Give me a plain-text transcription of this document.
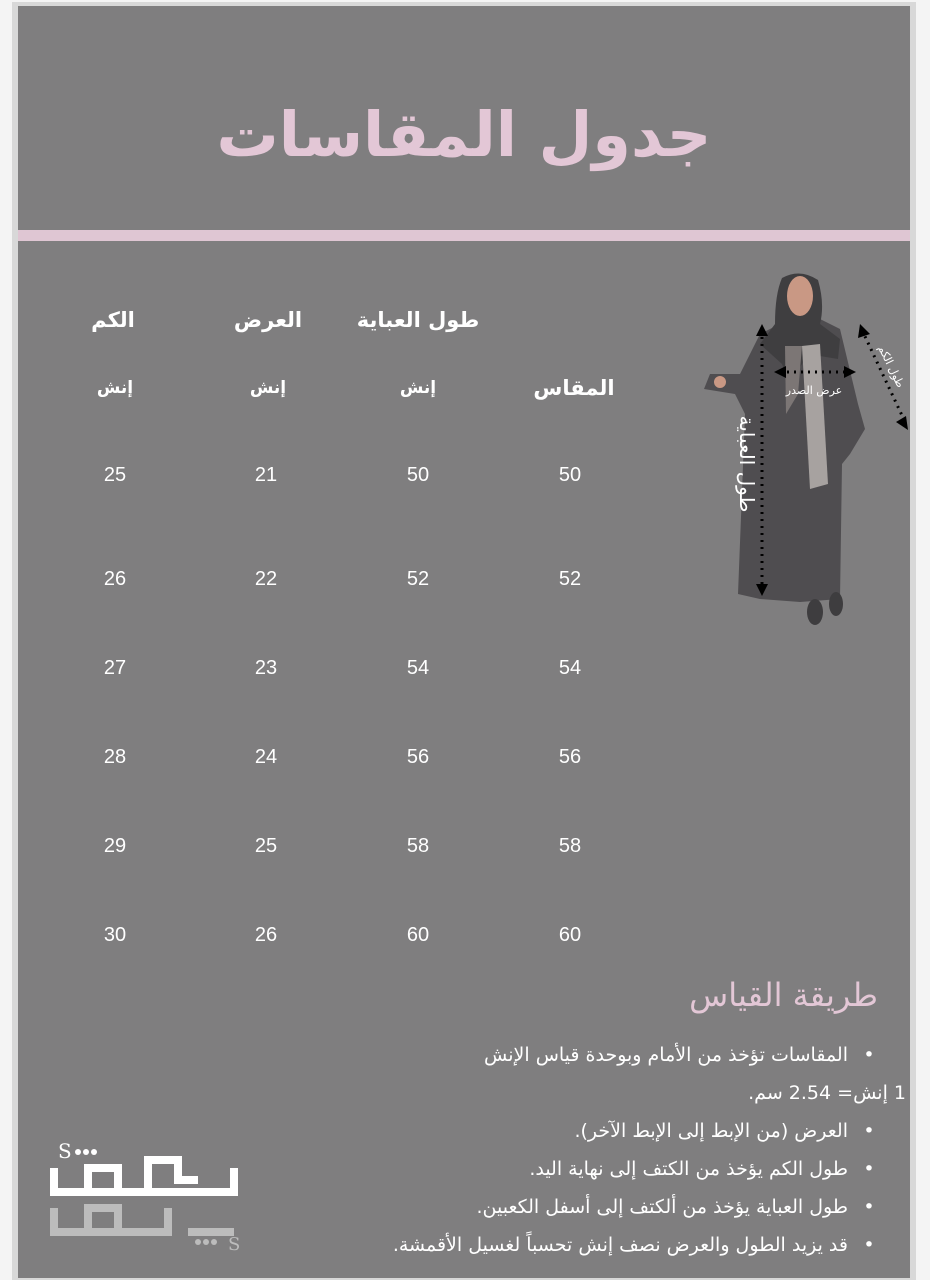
جدول المقاسات
المقاس
طول العباية
العرض
الكم
إنش
إنش
إنش
50
50
21
25
52
52
22
26
54
54
23
27
56
56
24
28
58
58
25
29
60
60
26
30
طول العباية
عرض الصدر
طول الكم
طريقة القياس
•المقاسات تؤخذ من الأمام وبوحدة قياس الإنش
1 إنش= 2.54 سم.
•العرض (من الإبط إلى الإبط الآخر).
•طول الكم يؤخذ من الكتف إلى نهاية اليد.
•طول العباية يؤخذ من ألكتف إلى أسفل الكعبين.
•قد يزيد الطول والعرض نصف إنش تحسباً لغسيل الأقمشة.
S
S
